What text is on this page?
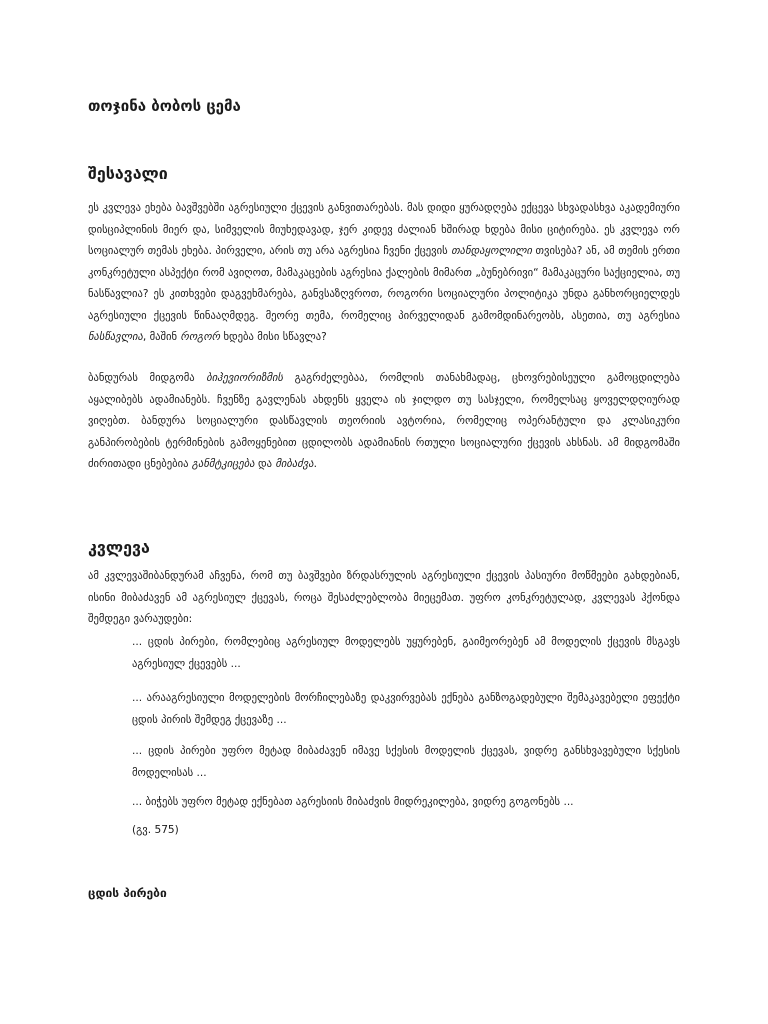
თოჯინა ბობოს ცემა
შესავალი

ეს კვლევა ეხება ბავშვებში აგრესიული ქცევის განვითარებას. მას დიდი ყურადღება ექცევა სხვადასხვა აკადემიური დისციპლინის მიერ და, სიმველის მიუხედავად, ჯერ კიდევ ძალიან ხშირად ხდება მისი ციტირება. ეს კვლევა ორ სოციალურ თემას ეხება. პირველი, არის თუ არა აგრესია ჩვენი ქცევის თანდაყოლილი თვისება? ან, ამ თემის ერთი კონკრეტული ასპექტი რომ ავიღოთ, მამაკაცების აგრესია ქალების მიმართ „ბუნებრივი“ მამაკაცური საქციელია, თუ ნასწავლია? ეს კითხვები დაგვეხმარება, განვსაზღვროთ, როგორი სოციალური პოლიტიკა უნდა განხორციელდეს აგრესიული ქცევის წინააღმდეგ. მეორე თემა, რომელიც პირველიდან გამომდინარეობს, ასეთია, თუ აგრესია ნასწავლია, მაშინ როგორ ხდება მისი სწავლა?

ბანდურას მიდგომა ბიჰევიორიზმის გაგრძელებაა, რომლის თანახმადაც, ცხოვრებისეული გამოცდილება აყალიბებს ადამიანებს. ჩვენზე გავლენას ახდენს ყველა ის ჯილდო თუ სასჯელი, რომელსაც ყოველდღიურად ვიღებთ. ბანდურა სოციალური დასწავლის თეორიის ავტორია, რომელიც ოპერანტული და კლასიკური განპირობების ტერმინების გამოყენებით ცდილობს ადამიანის რთული სოციალური ქცევის ახსნას. ამ მიდგომაში ძირითადი ცნებებია განმტკიცება და მიბაძვა.

კვლევა

ამ კვლევაშიბანდურამ აჩვენა, რომ თუ ბავშვები ზრდასრულის აგრესიული ქცევის პასიური მოწმეები გახდებიან, ისინი მიბაძავენ ამ აგრესიულ ქცევას, როცა შესაძლებლობა მიეცემათ. უფრო კონკრეტულად, კვლევას ჰქონდა შემდეგი ვარაუდები:

... ცდის პირები, რომლებიც აგრესიულ მოდელებს უყურებენ, გაიმეორებენ ამ მოდელის ქცევის მსგავს აგრესიულ ქცევებს ...

... არააგრესიული მოდელების მორჩილებაზე დაკვირვებას ექნება განზოგადებული შემაკავებელი ეფექტი ცდის პირის შემდეგ ქცევაზე ...

... ცდის პირები უფრო მეტად მიბაძავენ იმავე სქესის მოდელის ქცევას, ვიდრე განსხვავებული სქესის მოდელისას ...

... ბიჭებს უფრო მეტად ექნებათ აგრესიის მიბაძვის მიდრეკილება, ვიდრე გოგონებს ...

(გვ. 575)

ცდის პირები
